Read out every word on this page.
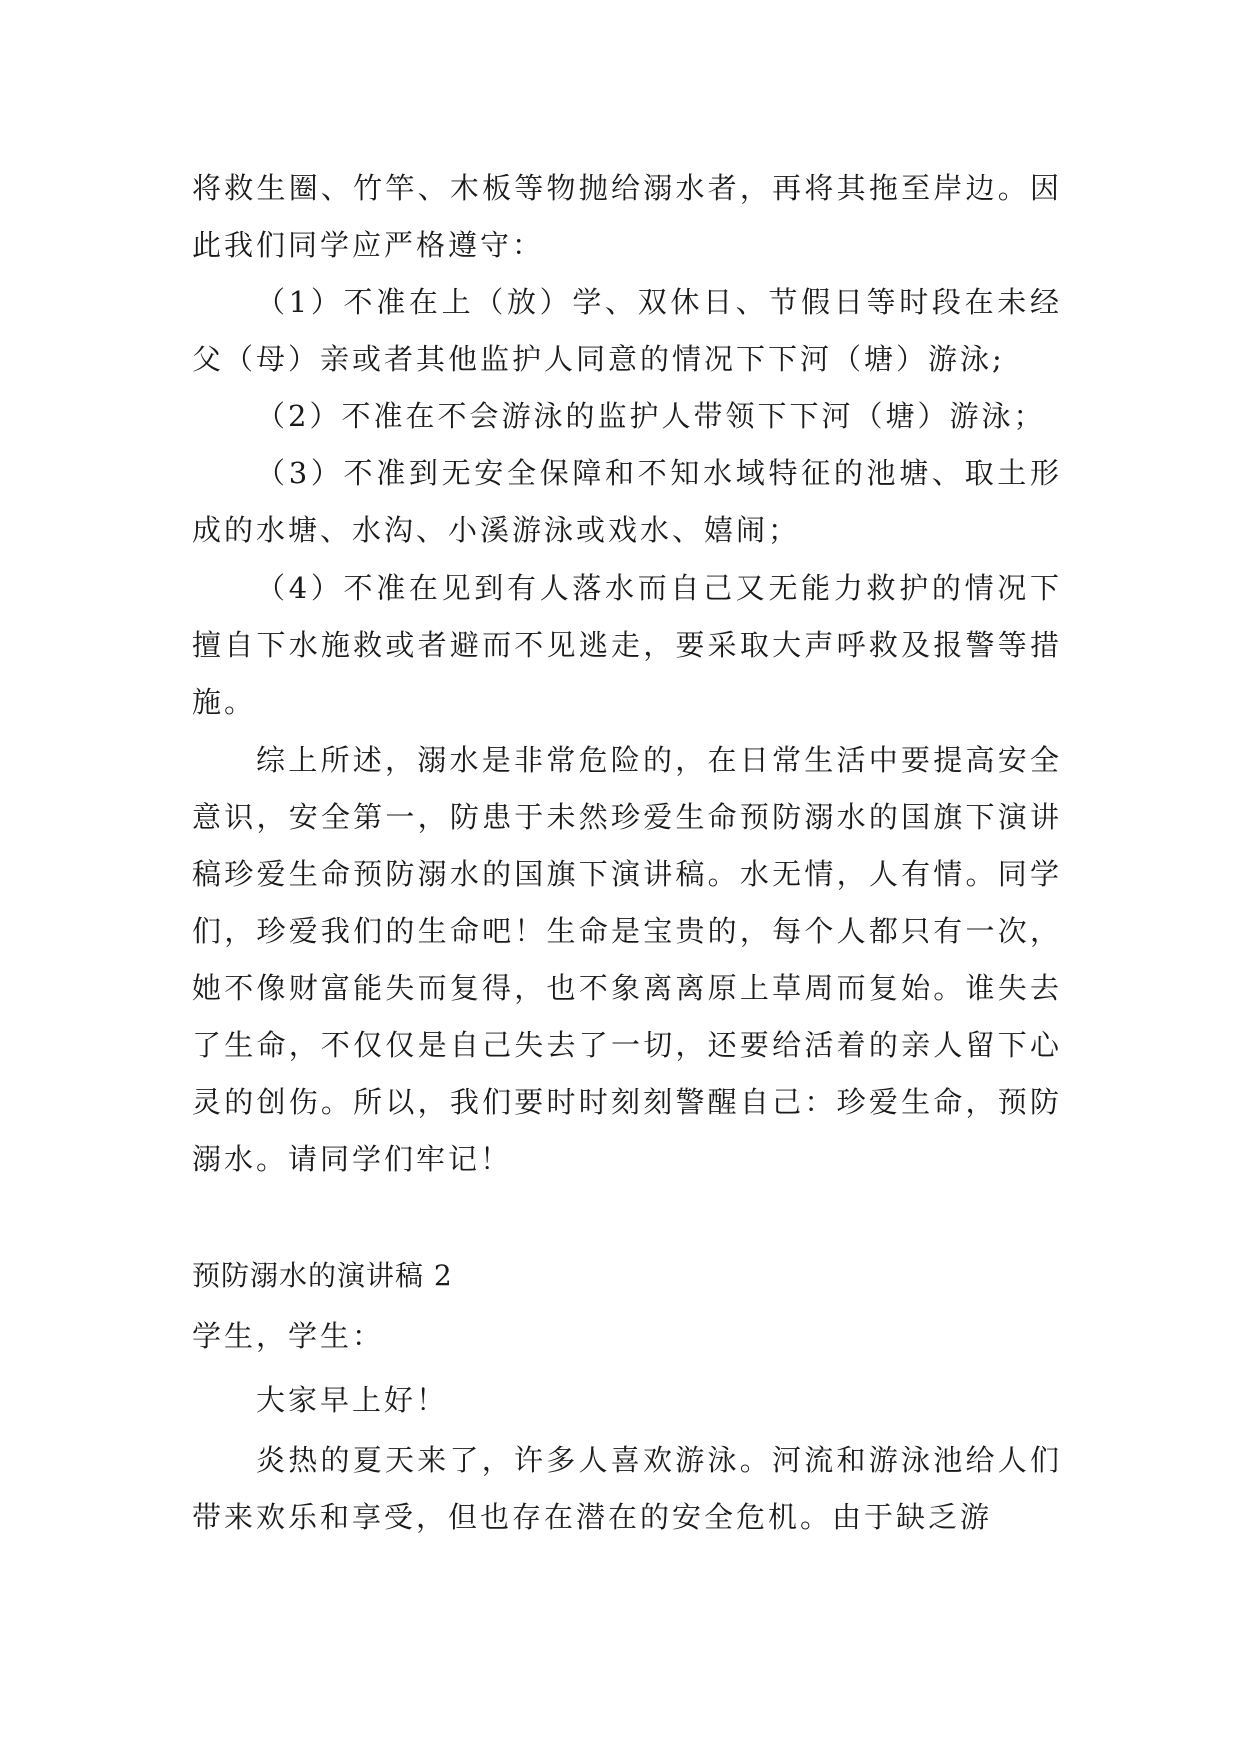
将救生圈、竹竿、木板等物抛给溺水者，再将其拖至岸边。因此我们同学应严格遵守：

（1）不准在上（放）学、双休日、节假日等时段在未经父（母）亲或者其他监护人同意的情况下下河（塘）游泳;

（2）不准在不会游泳的监护人带领下下河（塘）游泳；

（3）不准到无安全保障和不知水域特征的池塘、取土形成的水塘、水沟、小溪游泳或戏水、嬉闹；

（4）不准在见到有人落水而自己又无能力救护的情况下擅自下水施救或者避而不见逃走，要采取大声呼救及报警等措施。

综上所述，溺水是非常危险的，在日常生活中要提高安全意识，安全第一，防患于未然珍爱生命预防溺水的国旗下演讲稿珍爱生命预防溺水的国旗下演讲稿。水无情，人有情。同学们，珍爱我们的生命吧！生命是宝贵的，每个人都只有一次，她不像财富能失而复得，也不象离离原上草周而复始。谁失去了生命，不仅仅是自己失去了一切，还要给活着的亲人留下心灵的创伤。所以，我们要时时刻刻警醒自己：珍爱生命，预防溺水。请同学们牢记！

预防溺水的演讲稿 2

学生，学生：

大家早上好！

炎热的夏天来了，许多人喜欢游泳。河流和游泳池给人们带来欢乐和享受，但也存在潜在的安全危机。由于缺乏游
